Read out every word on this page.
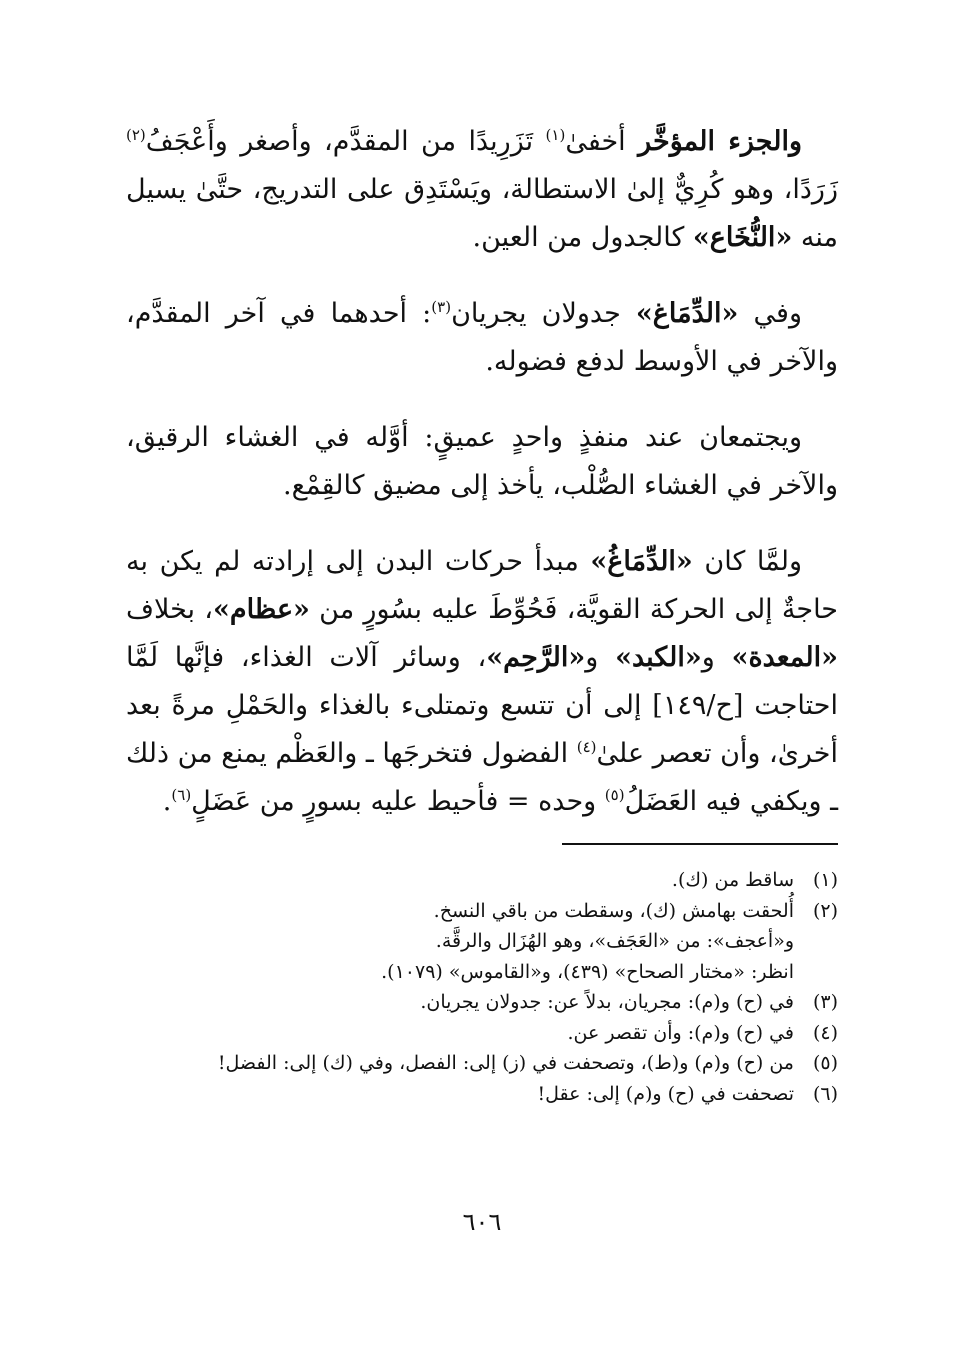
والجزء المؤخَّر أخفىٰ$^{(١)}$ تَزَرِيدًا من المقدَّم، وأصغر وأَعْجَفُ$^{(٢)}$ زَرَدًا، وهو كُرِيٌّ إلىٰ الاستطالة، ويَسْتَدِق على التدريج، حتَّىٰ يسيل منه «النُّخَاع» كالجدول من العين.

وفي «الدِّمَاغ» جدولان يجريان$^{(٣)}$: أحدهما في آخر المقدَّم، والآخر في الأوسط لدفع فضوله.

ويجتمعان عند منفذٍ واحدٍ عميقٍ: أوَّله في الغشاء الرقيق، والآخر في الغشاء الصُّلْب، يأخذ إلى مضيق كالقِمْع.

ولمَّا كان «الدِّمَاغُ» مبدأ حركات البدن إلى إرادته لم يكن به حاجةٌ إلى الحركة القويَّة، فَحُوِّطَ عليه بسُورٍ من «عظام»، بخلاف «المعدة» و«الكبد» و«الرَّحِم»، وسائر آلات الغذاء، فإنَّها لَمَّا احتاجت [ح/١٤٩] إلى أن تتسع وتمتلىء بالغذاء والحَمْلِ مرةً بعد أخرىٰ، وأن تعصر علىٰ$^{(٤)}$ الفضول فتخرجَها ـ والعَظْم يمنع من ذلك ـ ويكفي فيه العَضَلُ$^{(٥)}$ وحده = فأحيط عليه بسورٍ من عَضَلٍ$^{(٦)}$.

(١)
ساقط من (ك).
(٢)
أُلحقت بهامش (ك)، وسقطت من باقي النسخ.
و«أعجف»: من «العَجَف»، وهو الهُزَال والرقَّة.
انظر: «مختار الصحاح» (٤٣٩)، و«القاموس» (١٠٧٩).
(٣)
في (ح) و(م): مجريان، بدلاً عن: جدولان يجريان.
(٤)
في (ح) و(م): وأن تقصر عن.
(٥)
من (ح) و(م) و(ط)، وتصحفت في (ز) إلى: الفصل، وفي (ك) إلى: الفضل!
(٦)
تصحفت في (ح) و(م) إلى: عقل!
٦٠٦
